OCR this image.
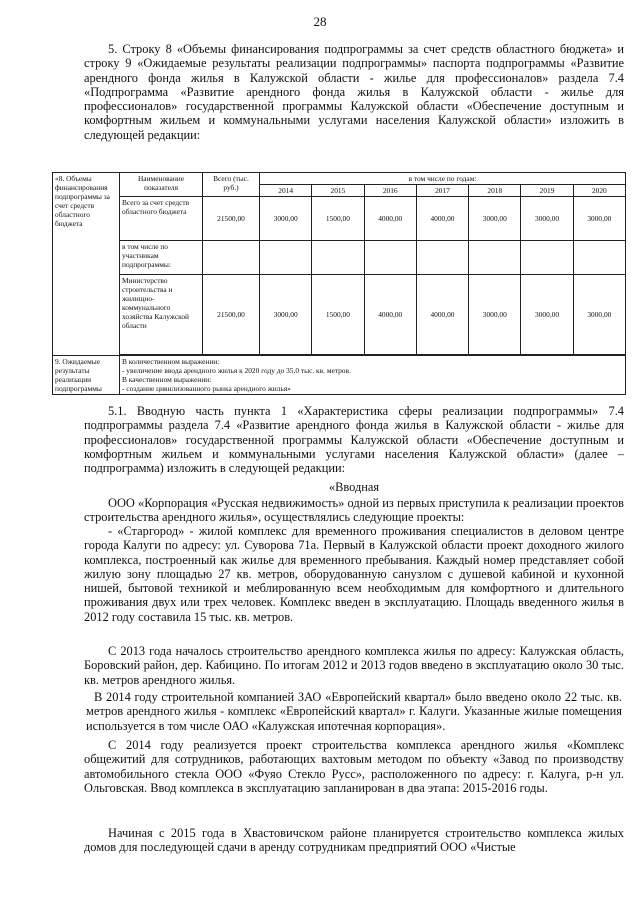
28

5. Строку 8 «Объемы финансирования подпрограммы за счет средств областного бюджета» и строку 9 «Ожидаемые результаты реализации подпрограммы» паспорта подпрограммы «Развитие арендного фонда жилья в Калужской области - жилье для профессионалов» раздела 7.4 «Подпрограмма «Развитие арендного фонда жилья в Калужской области - жилье для профессионалов» государственной программы Калужской области «Обеспечение доступным и комфортным жильем и коммунальными услугами населения Калужской области» изложить в следующей редакции:

«8. Объемы финансирования подпрограммы за счет средств областного бюджета	Наименование показателя	Всего (тыс. руб.)	в том числе по годам:						
			2014	2015	2016	2017	2018	2019	2020
	Всего за счет средств областного бюджета	21500,00	3000,00	1500,00	4000,00	4000,00	3000,00	3000,00	3000,00
	в том числе по участникам подпрограммы:								
	Министерство строительства и жилищно-коммунального хозяйства Калужской области	21500,00	3000,00	1500,00	4000,00	4000,00	3000,00	3000,00	3000,00

9. Ожидаемые результаты реализации подпрограммы	В количественном выражении:
- увеличение ввода арендного жилья к 2020 году до 35,0 тыс. кв. метров.
В качественном выражении:
- создание цивилизованного рынка арендного жилья»								

5.1. Вводную часть пункта 1 «Характеристика сферы реализации подпрограммы» 7.4 подпрограммы раздела 7.4 «Развитие арендного фонда жилья в Калужской области - жилье для профессионалов» государственной программы Калужской области «Обеспечение доступным и комфортным жильем и коммунальными услугами населения Калужской области» (далее – подпрограмма) изложить в следующей редакции:

«Вводная

ООО «Корпорация «Русская недвижимость» одной из первых приступила к реализации проектов строительства арендного жилья», осуществлялись следующие проекты:

- «Старгород» - жилой комплекс для временного проживания специалистов в деловом центре города Калуги по адресу: ул. Суворова 71а. Первый в Калужской области проект доходного жилого комплекса, построенный как жилье для временного пребывания. Каждый номер представляет собой жилую зону площадью 27 кв. метров, оборудованную санузлом с душевой кабиной и кухонной нишей, бытовой техникой и меблированную всем необходимым для комфортного и длительного проживания двух или трех человек. Комплекс введен в эксплуатацию. Площадь введенного жилья в 2012 году составила 15 тыс. кв. метров.

С 2013 года началось строительство арендного комплекса жилья по адресу: Калужская область, Боровский район, дер. Кабицино. По итогам 2012 и 2013 годов введено в эксплуатацию около 30 тыс. кв. метров арендного жилья.

В 2014 году строительной компанией ЗАО «Европейский квартал» было введено около 22 тыс. кв. метров арендного жилья - комплекс «Европейский квартал» г. Калуги. Указанные жилые помещения используется в том числе ОАО «Калужская ипотечная корпорация».

С 2014 году реализуется проект строительства комплекса арендного жилья «Комплекс общежитий для сотрудников, работающих вахтовым методом по объекту «Завод по производству автомобильного стекла ООО «Фуяо Стекло Русс», расположенного по адресу: г. Калуга, р-н ул. Ольговская. Ввод комплекса в эксплуатацию запланирован в два этапа: 2015-2016 годы.

Начиная с 2015 года в Хвастовичском районе планируется строительство комплекса жилых домов для последующей сдачи в аренду сотрудникам предприятий ООО «Чистые
